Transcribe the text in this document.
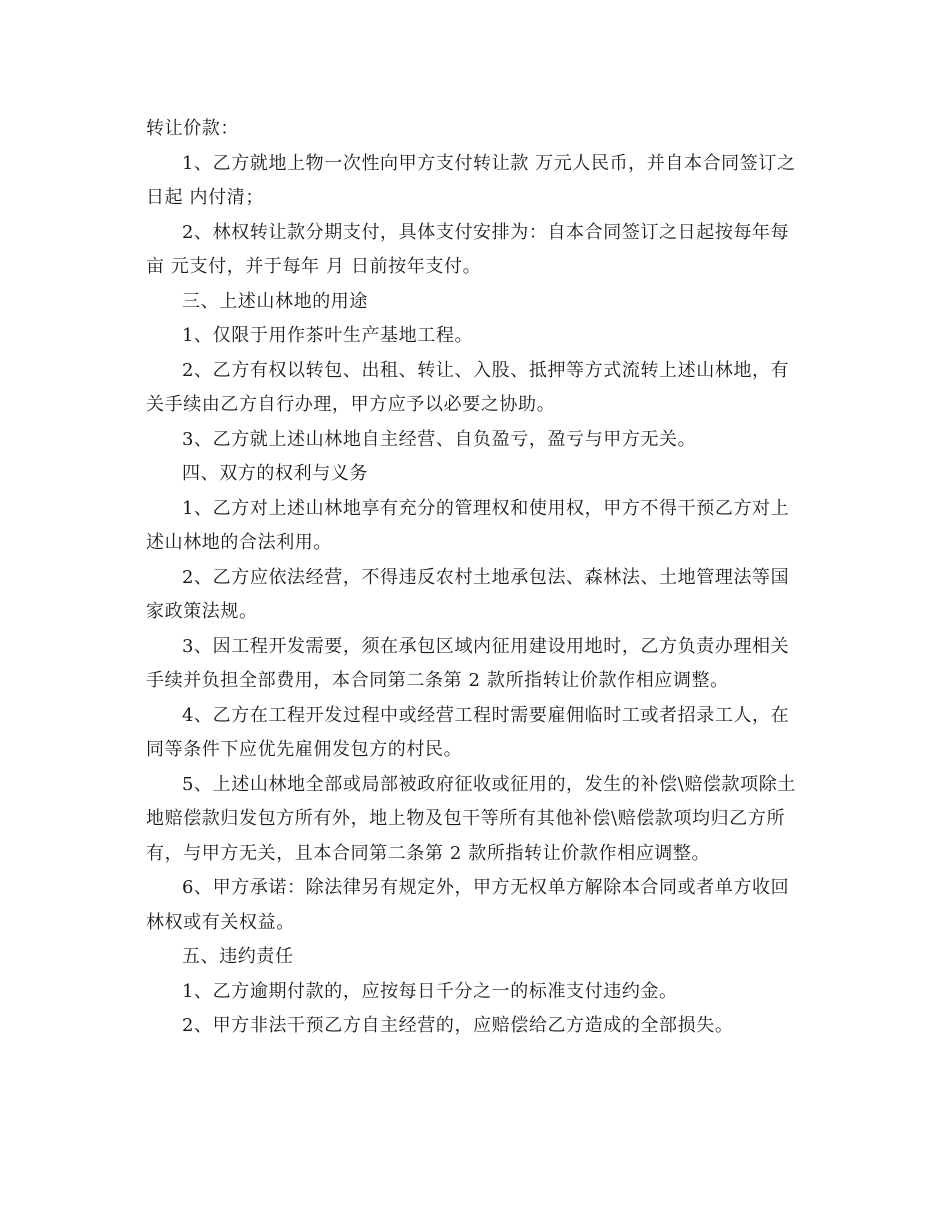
转让价款：

1、乙方就地上物一次性向甲方支付转让款 万元人民币，并自本合同签订之日起 内付清；

2、林权转让款分期支付，具体支付安排为：自本合同签订之日起按每年每亩 元支付，并于每年 月 日前按年支付。

三、上述山林地的用途

1、仅限于用作茶叶生产基地工程。

2、乙方有权以转包、出租、转让、入股、抵押等方式流转上述山林地，有关手续由乙方自行办理，甲方应予以必要之协助。

3、乙方就上述山林地自主经营、自负盈亏，盈亏与甲方无关。

四、双方的权利与义务

1、乙方对上述山林地享有充分的管理权和使用权，甲方不得干预乙方对上述山林地的合法利用。

2、乙方应依法经营，不得违反农村土地承包法、森林法、土地管理法等国家政策法规。

3、因工程开发需要，须在承包区域内征用建设用地时，乙方负责办理相关手续并负担全部费用，本合同第二条第 2 款所指转让价款作相应调整。

4、乙方在工程开发过程中或经营工程时需要雇佣临时工或者招录工人，在同等条件下应优先雇佣发包方的村民。

5、上述山林地全部或局部被政府征收或征用的，发生的补偿\赔偿款项除土地赔偿款归发包方所有外，地上物及包干等所有其他补偿\赔偿款项均归乙方所有，与甲方无关，且本合同第二条第 2 款所指转让价款作相应调整。

6、甲方承诺：除法律另有规定外，甲方无权单方解除本合同或者单方收回林权或有关权益。

五、违约责任

1、乙方逾期付款的，应按每日千分之一的标准支付违约金。

2、甲方非法干预乙方自主经营的，应赔偿给乙方造成的全部损失。
